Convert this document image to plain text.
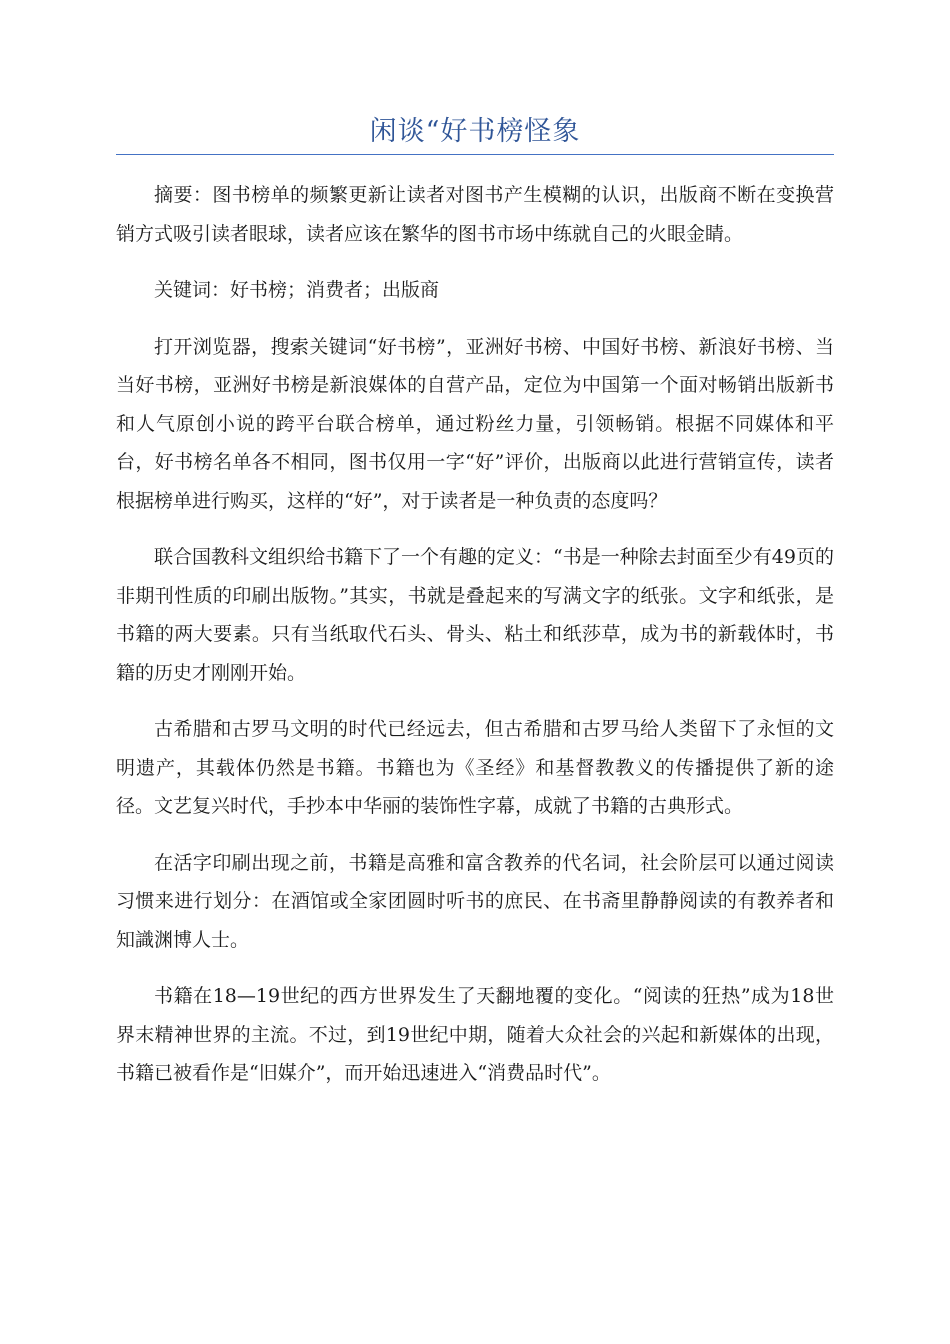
闲谈“好书榜怪象

摘要：图书榜单的频繁更新让读者对图书产生模糊的认识，出版商不断在变换营销方式吸引读者眼球，读者应该在繁华的图书市场中练就自己的火眼金睛。

关键词：好书榜；消费者；出版商

打开浏览器，搜索关键词“好书榜”，亚洲好书榜、中国好书榜、新浪好书榜、当当好书榜，亚洲好书榜是新浪媒体的自营产品，定位为中国第一个面对畅销出版新书和人气原创小说的跨平台联合榜单，通过粉丝力量，引领畅销。根据不同媒体和平台，好书榜名单各不相同，图书仅用一字“好”评价，出版商以此进行营销宣传，读者根据榜单进行购买，这样的“好”，对于读者是一种负责的态度吗？

联合国教科文组织给书籍下了一个有趣的定义：“书是一种除去封面至少有49页的非期刊性质的印刷出版物。”其实，书就是叠起来的写满文字的纸张。文字和纸张，是书籍的两大要素。只有当纸取代石头、骨头、粘土和纸莎草，成为书的新载体时，书籍的历史才刚刚开始。

古希腊和古罗马文明的时代已经远去，但古希腊和古罗马给人类留下了永恒的文明遗产，其载体仍然是书籍。书籍也为《圣经》和基督教教义的传播提供了新的途径。文艺复兴时代，手抄本中华丽的装饰性字幕，成就了书籍的古典形式。

在活字印刷出现之前，书籍是高雅和富含教养的代名词，社会阶层可以通过阅读习惯来进行划分：在酒馆或全家团圆时听书的庶民、在书斋里静静阅读的有教养者和知識渊博人士。

书籍在18—19世纪的西方世界发生了天翻地覆的变化。“阅读的狂热”成为18世界末精神世界的主流。不过，到19世纪中期，随着大众社会的兴起和新媒体的出现，书籍已被看作是“旧媒介”，而开始迅速进入“消费品时代”。
